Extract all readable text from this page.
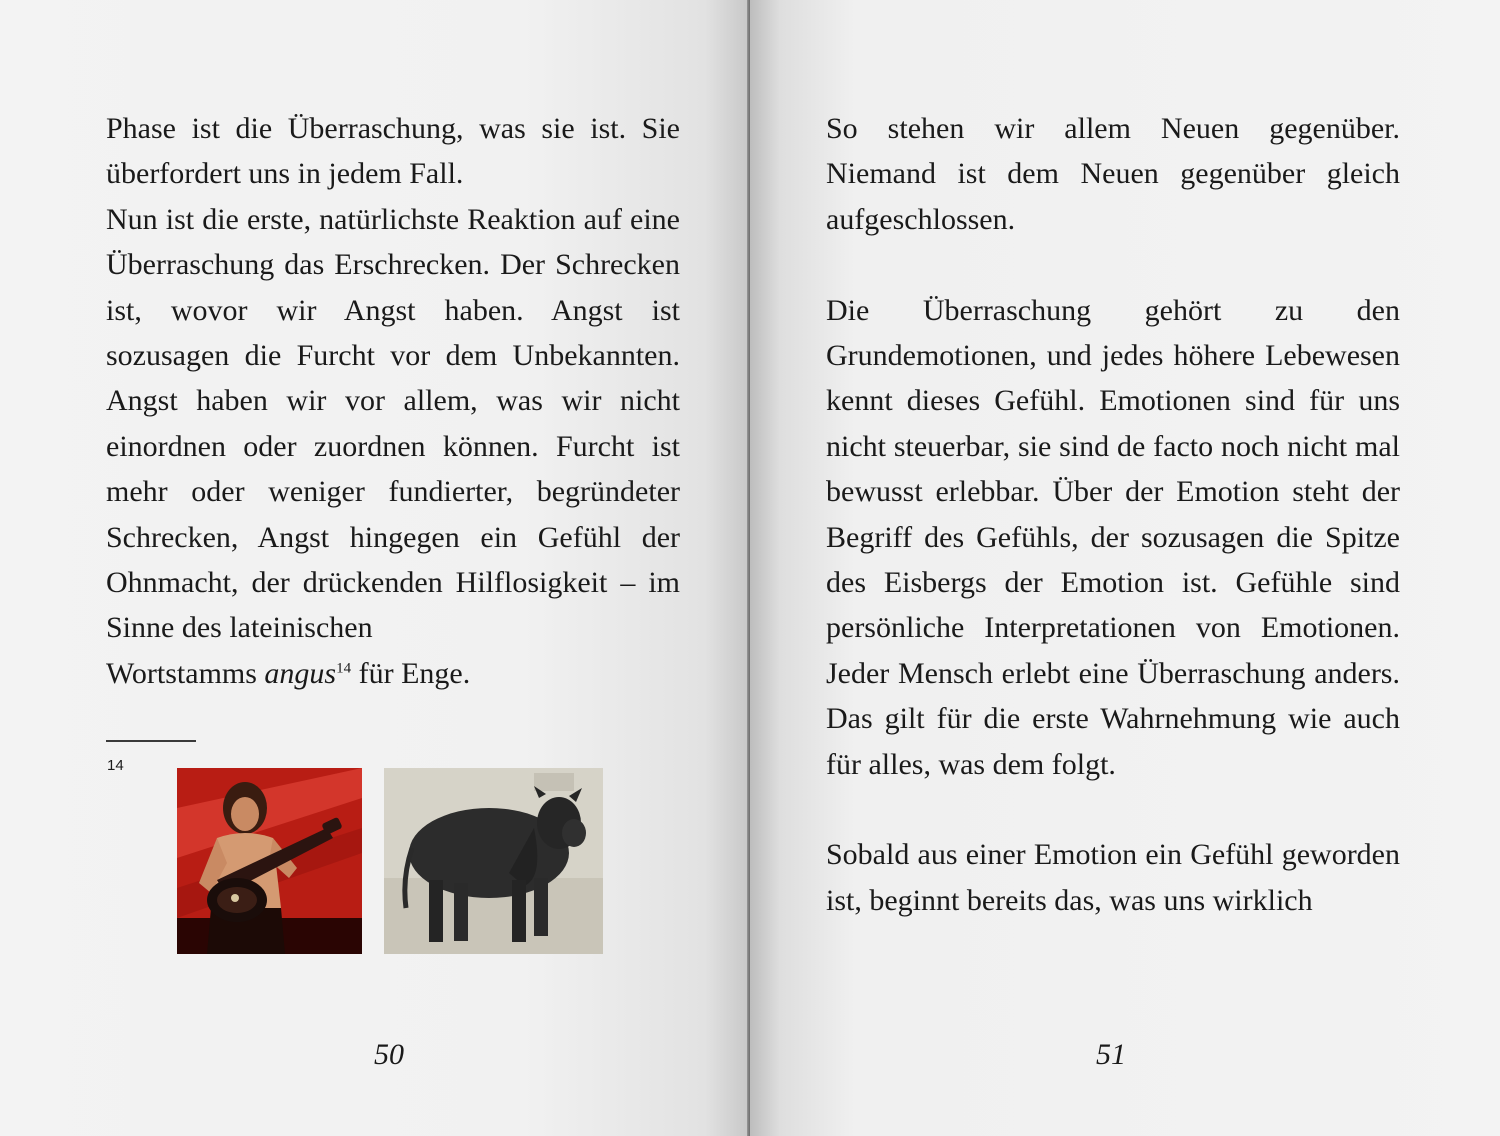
Phase ist die Überraschung, was sie ist. Sie überfordert uns in jedem Fall.

Nun ist die erste, natürlichste Reaktion auf eine Überraschung das Erschrecken. Der Schrecken ist, wovor wir Angst haben. Angst ist sozusagen die Furcht vor dem Unbekannten. Angst haben wir vor allem, was wir nicht einordnen oder zuordnen können. Furcht ist mehr oder weniger fundierter, begründeter Schrecken, Angst hingegen ein Gefühl der Ohnmacht, der drückenden Hilflosigkeit – im Sinne des lateinischen

Wortstamms angus$^{14}$ für Enge.

14
50

So stehen wir allem Neuen gegenüber. Niemand ist dem Neuen gegenüber gleich aufgeschlossen.

Die Überraschung gehört zu den Grundemotionen, und jedes höhere Lebewesen kennt dieses Gefühl. Emotionen sind für uns nicht steuerbar, sie sind de facto noch nicht mal bewusst erlebbar. Über der Emotion steht der Begriff des Gefühls, der sozusagen die Spitze des Eisbergs der Emotion ist. Gefühle sind persönliche Interpretationen von Emotionen. Jeder Mensch erlebt eine Überraschung anders. Das gilt für die erste Wahrnehmung wie auch für alles, was dem folgt.

Sobald aus einer Emotion ein Gefühl geworden ist, beginnt bereits das, was uns wirklich

51
